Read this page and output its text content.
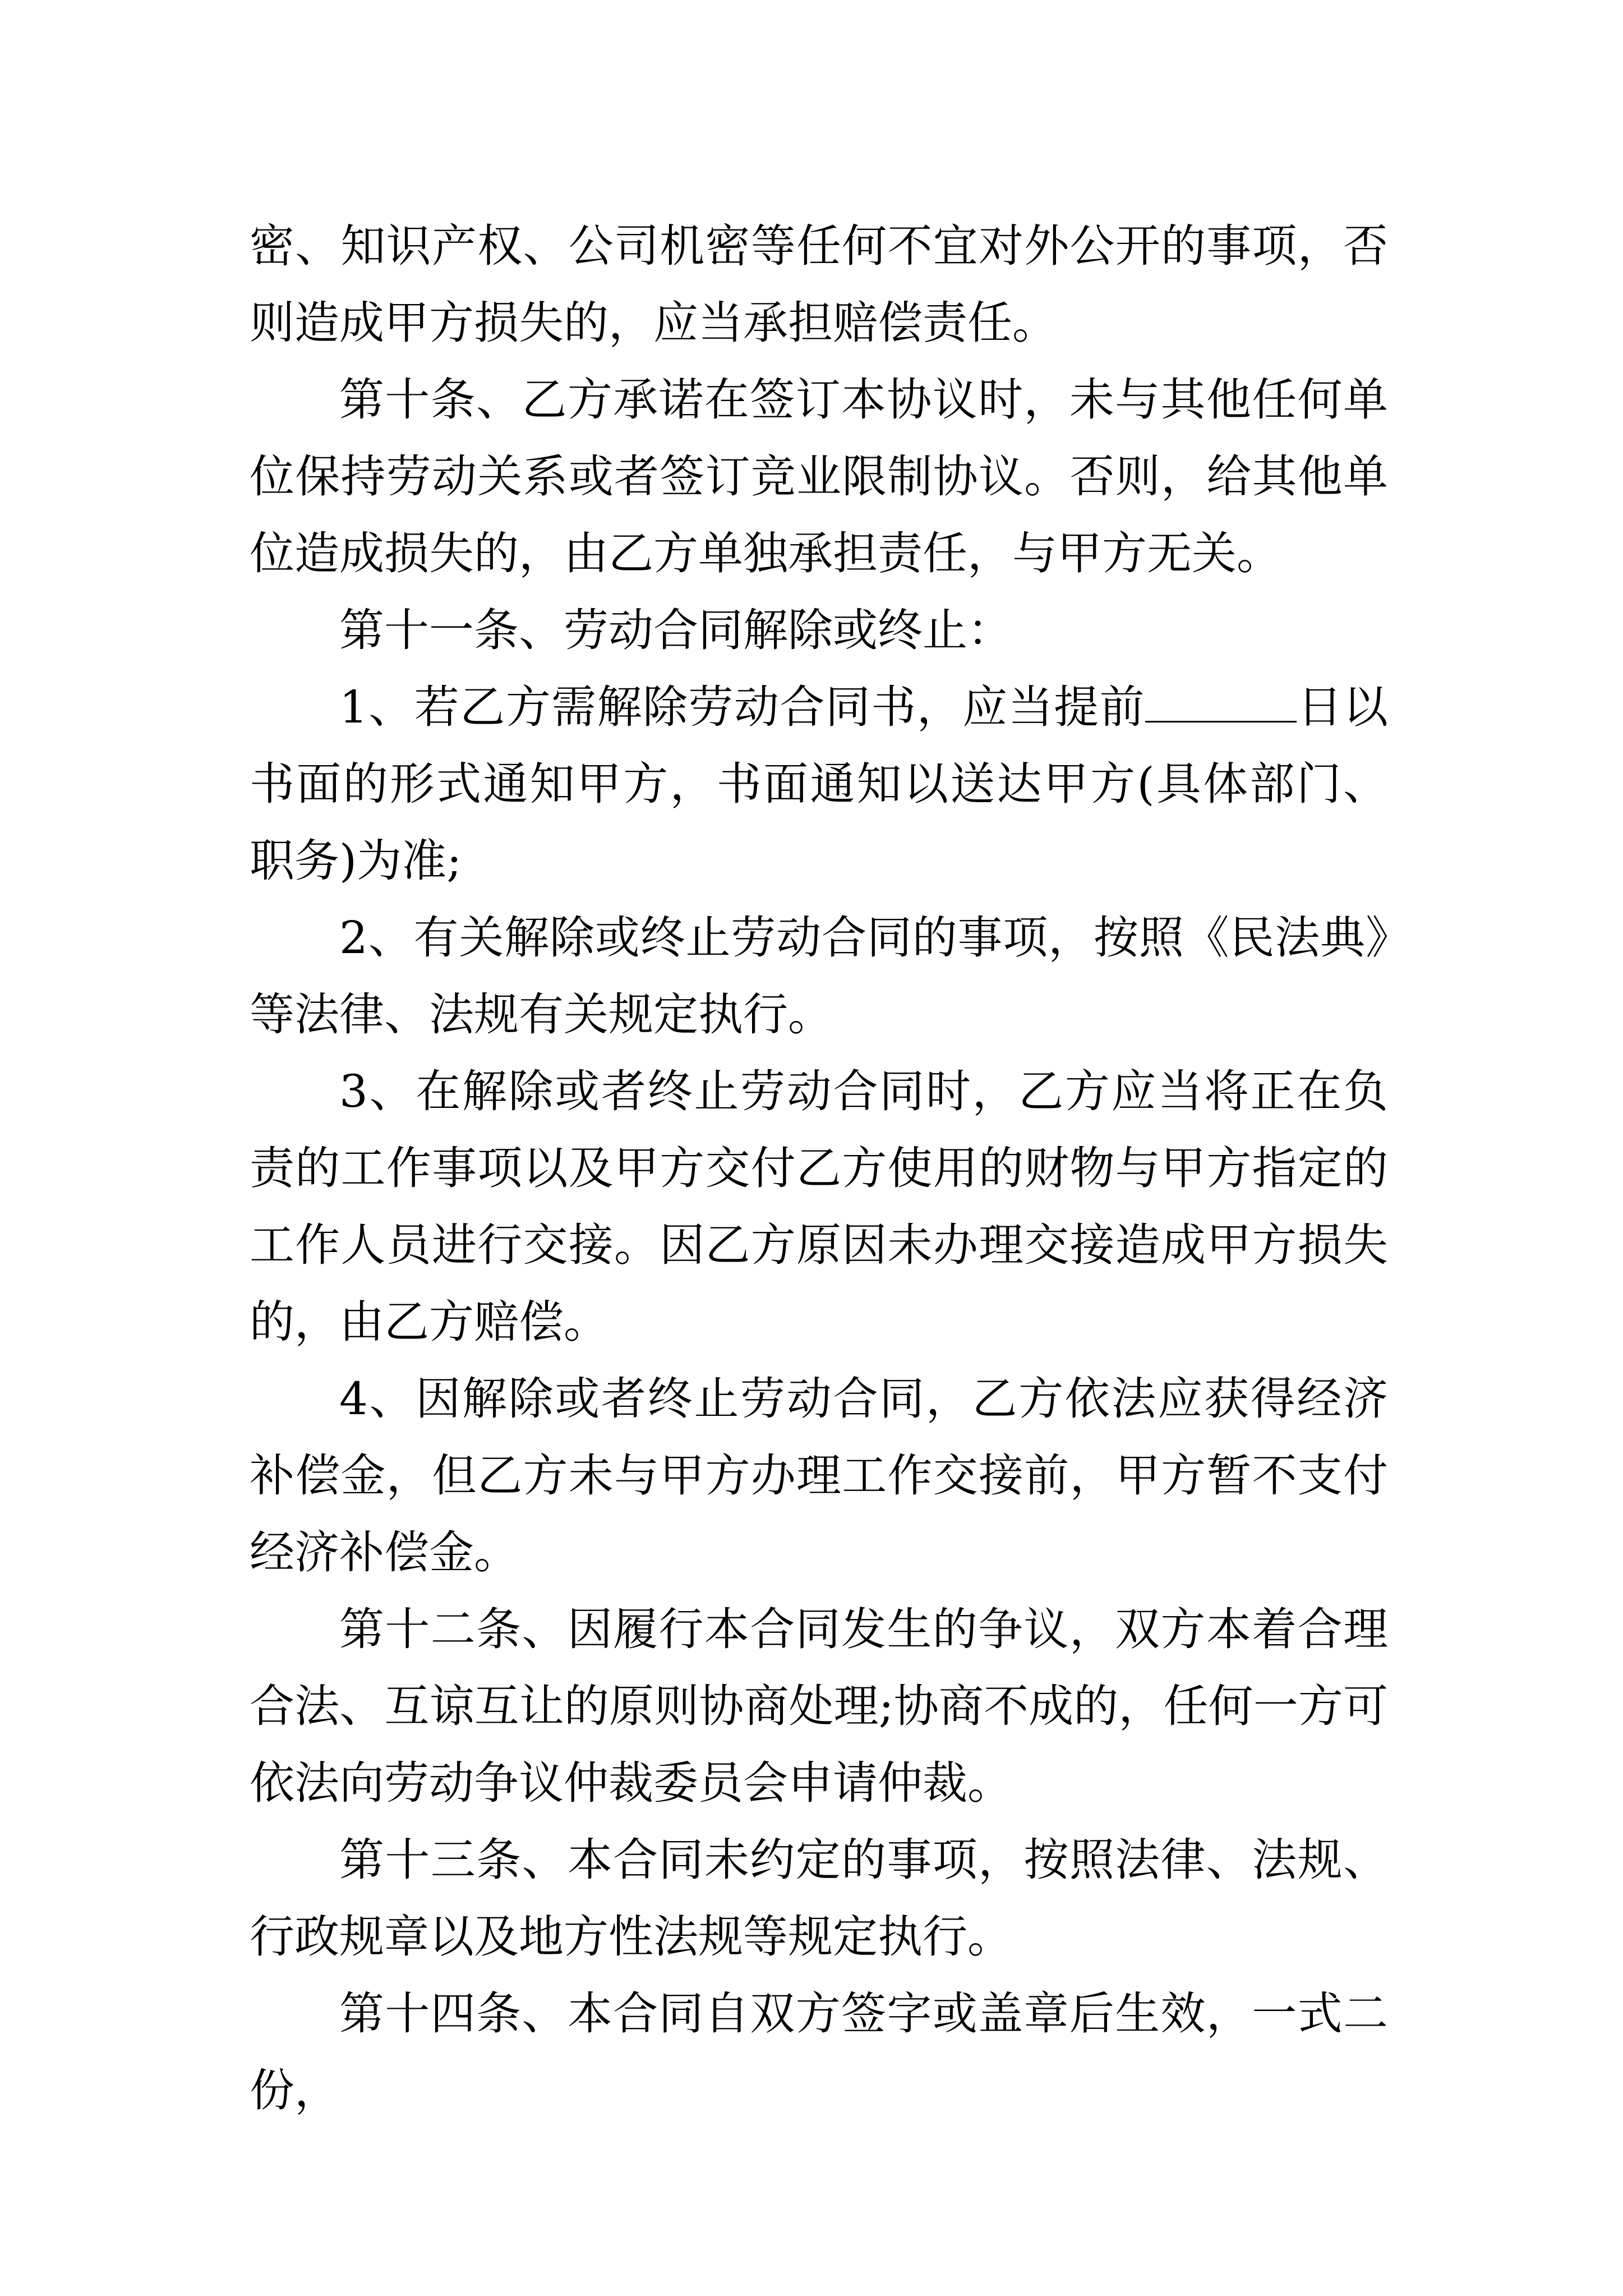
密、知识产权、公司机密等任何不宜对外公开的事项，否则造成甲方损失的，应当承担赔偿责任。

第十条、乙方承诺在签订本协议时，未与其他任何单位保持劳动关系或者签订竞业限制协议。否则，给其他单位造成损失的，由乙方单独承担责任，与甲方无关。

第十一条、劳动合同解除或终止：

1、若乙方需解除劳动合同书，应当提前	日以书面的形式通知甲方，书面通知以送达甲方(具体部门、职务)为准;

2、有关解除或终止劳动合同的事项，按照《民法典》等法律、法规有关规定执行。

3、在解除或者终止劳动合同时，乙方应当将正在负责的工作事项以及甲方交付乙方使用的财物与甲方指定的工作人员进行交接。因乙方原因未办理交接造成甲方损失的，由乙方赔偿。

4、因解除或者终止劳动合同，乙方依法应获得经济补偿金，但乙方未与甲方办理工作交接前，甲方暂不支付经济补偿金。

第十二条、因履行本合同发生的争议，双方本着合理合法、互谅互让的原则协商处理;协商不成的，任何一方可依法向劳动争议仲裁委员会申请仲裁。

第十三条、本合同未约定的事项，按照法律、法规、行政规章以及地方性法规等规定执行。

第十四条、本合同自双方签字或盖章后生效，一式二份，
